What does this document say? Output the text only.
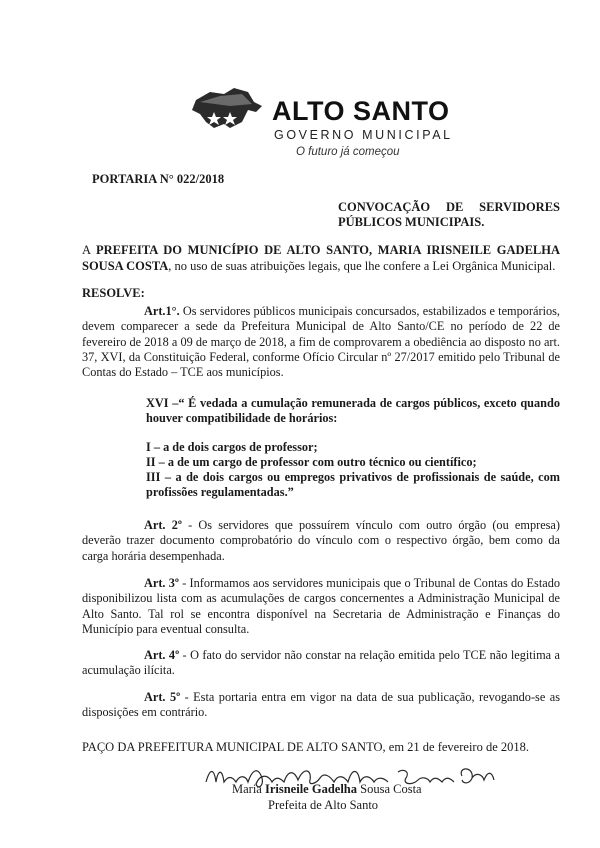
ALTO SANTO
GOVERNO MUNICIPAL
O futuro já começou
PORTARIA N° 022/2018
CONVOCAÇÃO DE SERVIDORES
PÚBLICOS MUNICIPAIS.
A PREFEITA DO MUNICÍPIO DE ALTO SANTO, MARIA IRISNEILE GADELHA SOUSA COSTA, no uso de suas atribuições legais, que lhe confere a Lei Orgânica Municipal.
RESOLVE:
Art.1°. Os servidores públicos municipais concursados, estabilizados e temporários, devem comparecer a sede da Prefeitura Municipal de Alto Santo/CE no período de 22 de fevereiro de 2018 a 09 de março de 2018, a fim de comprovarem a obediência ao disposto no art. 37, XVI, da Constituição Federal, conforme Ofício Circular nº 27/2017 emitido pelo Tribunal de Contas do Estado – TCE aos municípios.
XVI –“ É vedada a cumulação remunerada de cargos públicos, exceto quando houver compatibilidade de horários:
I – a de dois cargos de professor;
II – a de um cargo de professor com outro técnico ou científico;
III – a de dois cargos ou empregos privativos de profissionais de saúde, com profissões regulamentadas.”
Art. 2º - Os servidores que possuírem vínculo com outro órgão (ou empresa) deverão trazer documento comprobatório do vínculo com o respectivo órgão, bem como da carga horária desempenhada.
Art. 3º - Informamos aos servidores municipais que o Tribunal de Contas do Estado disponibilizou lista com as acumulações de cargos concernentes a Administração Municipal de Alto Santo. Tal rol se encontra disponível na Secretaria de Administração e Finanças do Município para eventual consulta.
Art. 4º - O fato do servidor não constar na relação emitida pelo TCE não legitima a acumulação ilícita.
Art. 5º - Esta portaria entra em vigor na data de sua publicação, revogando-se as disposições em contrário.
PAÇO DA PREFEITURA MUNICIPAL DE ALTO SANTO, em 21 de fevereiro de 2018.
Maria Irisneile Gadelha Sousa Costa
Prefeita de Alto Santo
